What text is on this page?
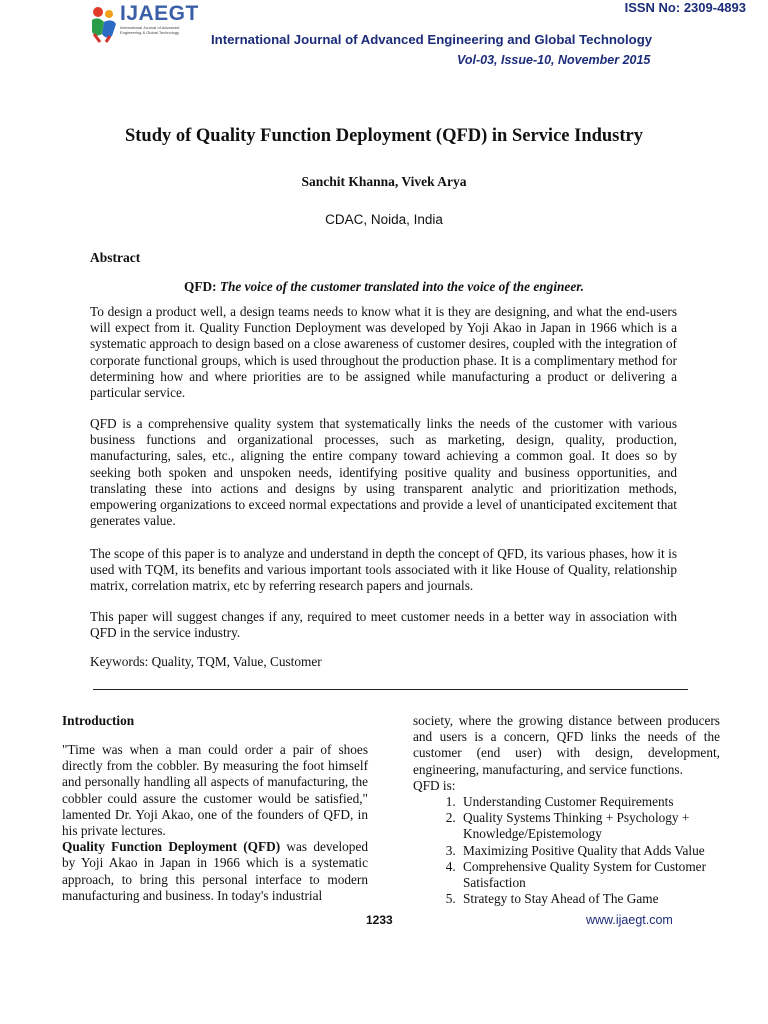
IJAEGT
International Journal of Advanced Engineering & Global Technology
ISSN No: 2309-4893
International Journal of Advanced Engineering and Global Technology
Vol-03, Issue-10, November 2015
Study of Quality Function Deployment (QFD) in Service Industry
Sanchit Khanna, Vivek Arya
CDAC, Noida, India
Abstract
QFD: The voice of the customer translated into the voice of the engineer.
To design a product well, a design teams needs to know what it is they are designing, and what the end-users will expect from it. Quality Function Deployment was developed by Yoji Akao in Japan in 1966 which is a systematic approach to design based on a close awareness of customer desires, coupled with the integration of corporate functional groups, which is used throughout the production phase. It is a complimentary method for determining how and where priorities are to be assigned while manufacturing a product or delivering a particular service.
QFD is a comprehensive quality system that systematically links the needs of the customer with various business functions and organizational processes, such as marketing, design, quality, production, manufacturing, sales, etc., aligning the entire company toward achieving a common goal. It does so by seeking both spoken and unspoken needs, identifying positive quality and business opportunities, and translating these into actions and designs by using transparent analytic and prioritization methods, empowering organizations to exceed normal expectations and provide a level of unanticipated excitement that generates value.
The scope of this paper is to analyze and understand in depth the concept of QFD, its various phases, how it is used with TQM, its benefits and various important tools associated with it like House of Quality, relationship matrix, correlation matrix, etc by referring research papers and journals.
This paper will suggest changes if any, required to meet customer needs in a better way in association with QFD in the service industry.
Keywords: Quality, TQM, Value, Customer
Introduction
"Time was when a man could order a pair of shoes directly from the cobbler. By measuring the foot himself and personally handling all aspects of manufacturing, the cobbler could assure the customer would be satisfied," lamented Dr. Yoji Akao, one of the founders of QFD, in his private lectures.
Quality Function Deployment (QFD) was developed by Yoji Akao in Japan in 1966 which is a systematic approach, to bring this personal interface to modern manufacturing and business. In today's industrial

society, where the growing distance between producers and users is a concern, QFD links the needs of the customer (end user) with design, development, engineering, manufacturing, and service functions.

QFD is:

1. Understanding Customer Requirements
2. Quality Systems Thinking + Psychology + Knowledge/Epistemology
3. Maximizing Positive Quality that Adds Value
4. Comprehensive Quality System for Customer Satisfaction
5. Strategy to Stay Ahead of The Game
1233	www.ijaegt.com
